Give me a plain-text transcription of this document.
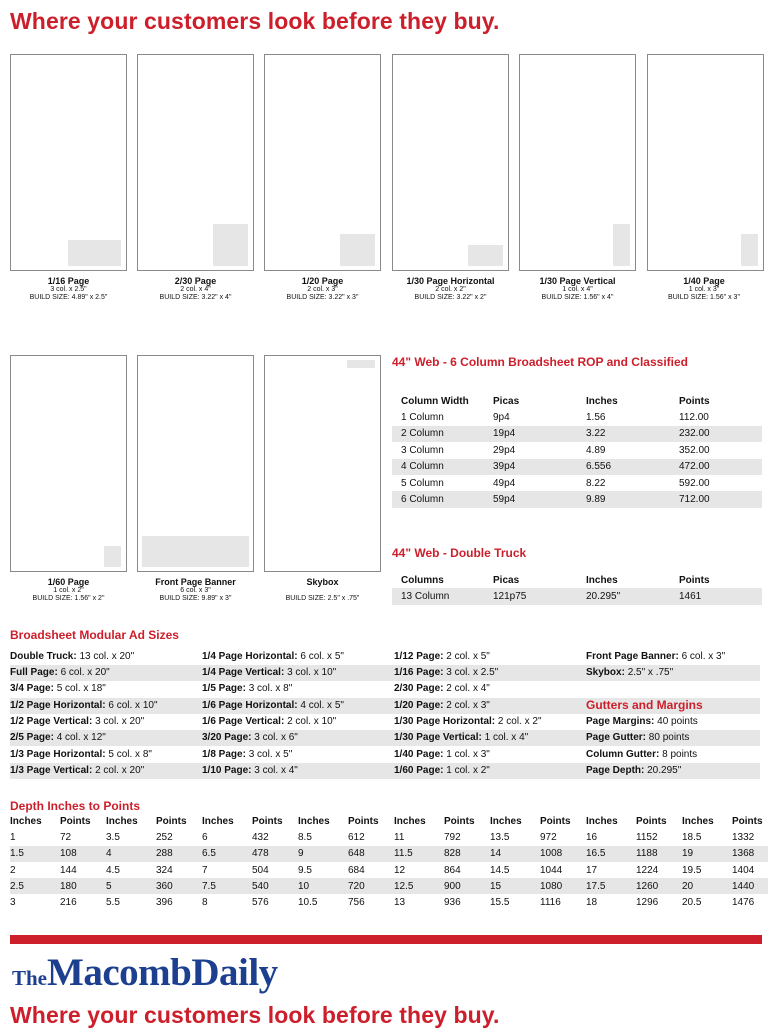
Where your customers look before they buy.
1/16 Page
3 col. x 2.5"
BUILD SIZE: 4.89" x 2.5"
2/30 Page
2 col. x 4"
BUILD SIZE: 3.22" x 4"
1/20 Page
2 col. x 3"
BUILD SIZE: 3.22" x 3"
1/30 Page Horizontal
2 col. x 2"
BUILD SIZE: 3.22" x 2"
1/30 Page Vertical
1 col. x 4"
BUILD SIZE: 1.56" x 4"
1/40 Page
1 col. x 3"
BUILD SIZE: 1.56" x 3"
1/60 Page
1 col. x 2"
BUILD SIZE: 1.56" x 2"
Front Page Banner
6 col. x 3"
BUILD SIZE: 9.89" x 3"
Skybox
BUILD SIZE: 2.5" x .75"
44" Web - 6 Column Broadsheet ROP and Classified
Column Width	Picas	Inches	Points
1 Column	9p4	1.56	112.00
2 Column	19p4	3.22	232.00
3 Column	29p4	4.89	352.00
4 Column	39p4	6.556	472.00
5 Column	49p4	8.22	592.00
6 Column	59p4	9.89	712.00
44" Web - Double Truck
Columns	Picas	Inches	Points
13 Column	121p75	20.295"	1461
Broadsheet Modular Ad Sizes
Double Truck: 13 col. x 20"
Full Page: 6 col. x 20"
3/4 Page: 5 col. x 18"
1/2 Page Horizontal: 6 col. x 10"
1/2 Page Vertical: 3 col. x 20"
2/5 Page: 4 col. x 12"
1/3 Page Horizontal: 5 col. x 8"
1/3 Page Vertical: 2 col. x 20"
1/4 Page Horizontal: 6 col. x 5"
1/4 Page Vertical: 3 col. x 10"
1/5 Page: 3 col. x 8"
1/6 Page Horizontal: 4 col. x 5"
1/6 Page Vertical: 2 col. x 10"
3/20 Page: 3 col. x 6"
1/8 Page: 3 col. x 5"
1/10 Page: 3 col. x 4"
1/12 Page: 2 col. x 5"
1/16 Page: 3 col. x 2.5"
2/30 Page: 2 col. x 4"
1/20 Page: 2 col. x 3"
1/30 Page Horizontal: 2 col. x 2"
1/30 Page Vertical: 1 col. x 4"
1/40 Page: 1 col. x 3"
1/60 Page: 1 col. x 2"
Front Page Banner: 6 col. x 3"
Skybox: 2.5" x .75"
Gutters and Margins
Page Margins: 40 points
Page Gutter: 80 points
Column Gutter: 8 points
Page Depth: 20.295"
Depth Inches to Points
Inches	Points	Inches	Points	Inches	Points	Inches	Points	Inches	Points	Inches	Points	Inches	Points	Inches	Points
1	72	3.5	252	6	432	8.5	612	11	792	13.5	972	16	1152	18.5	1332
1.5	108	4	288	6.5	478	9	648	11.5	828	14	1008	16.5	1188	19	1368
2	144	4.5	324	7	504	9.5	684	12	864	14.5	1044	17	1224	19.5	1404
2.5	180	5	360	7.5	540	10	720	12.5	900	15	1080	17.5	1260	20	1440
3	216	5.5	396	8	576	10.5	756	13	936	15.5	1116	18	1296	20.5	1476
TheMacombDaily
Where your customers look before they buy.
